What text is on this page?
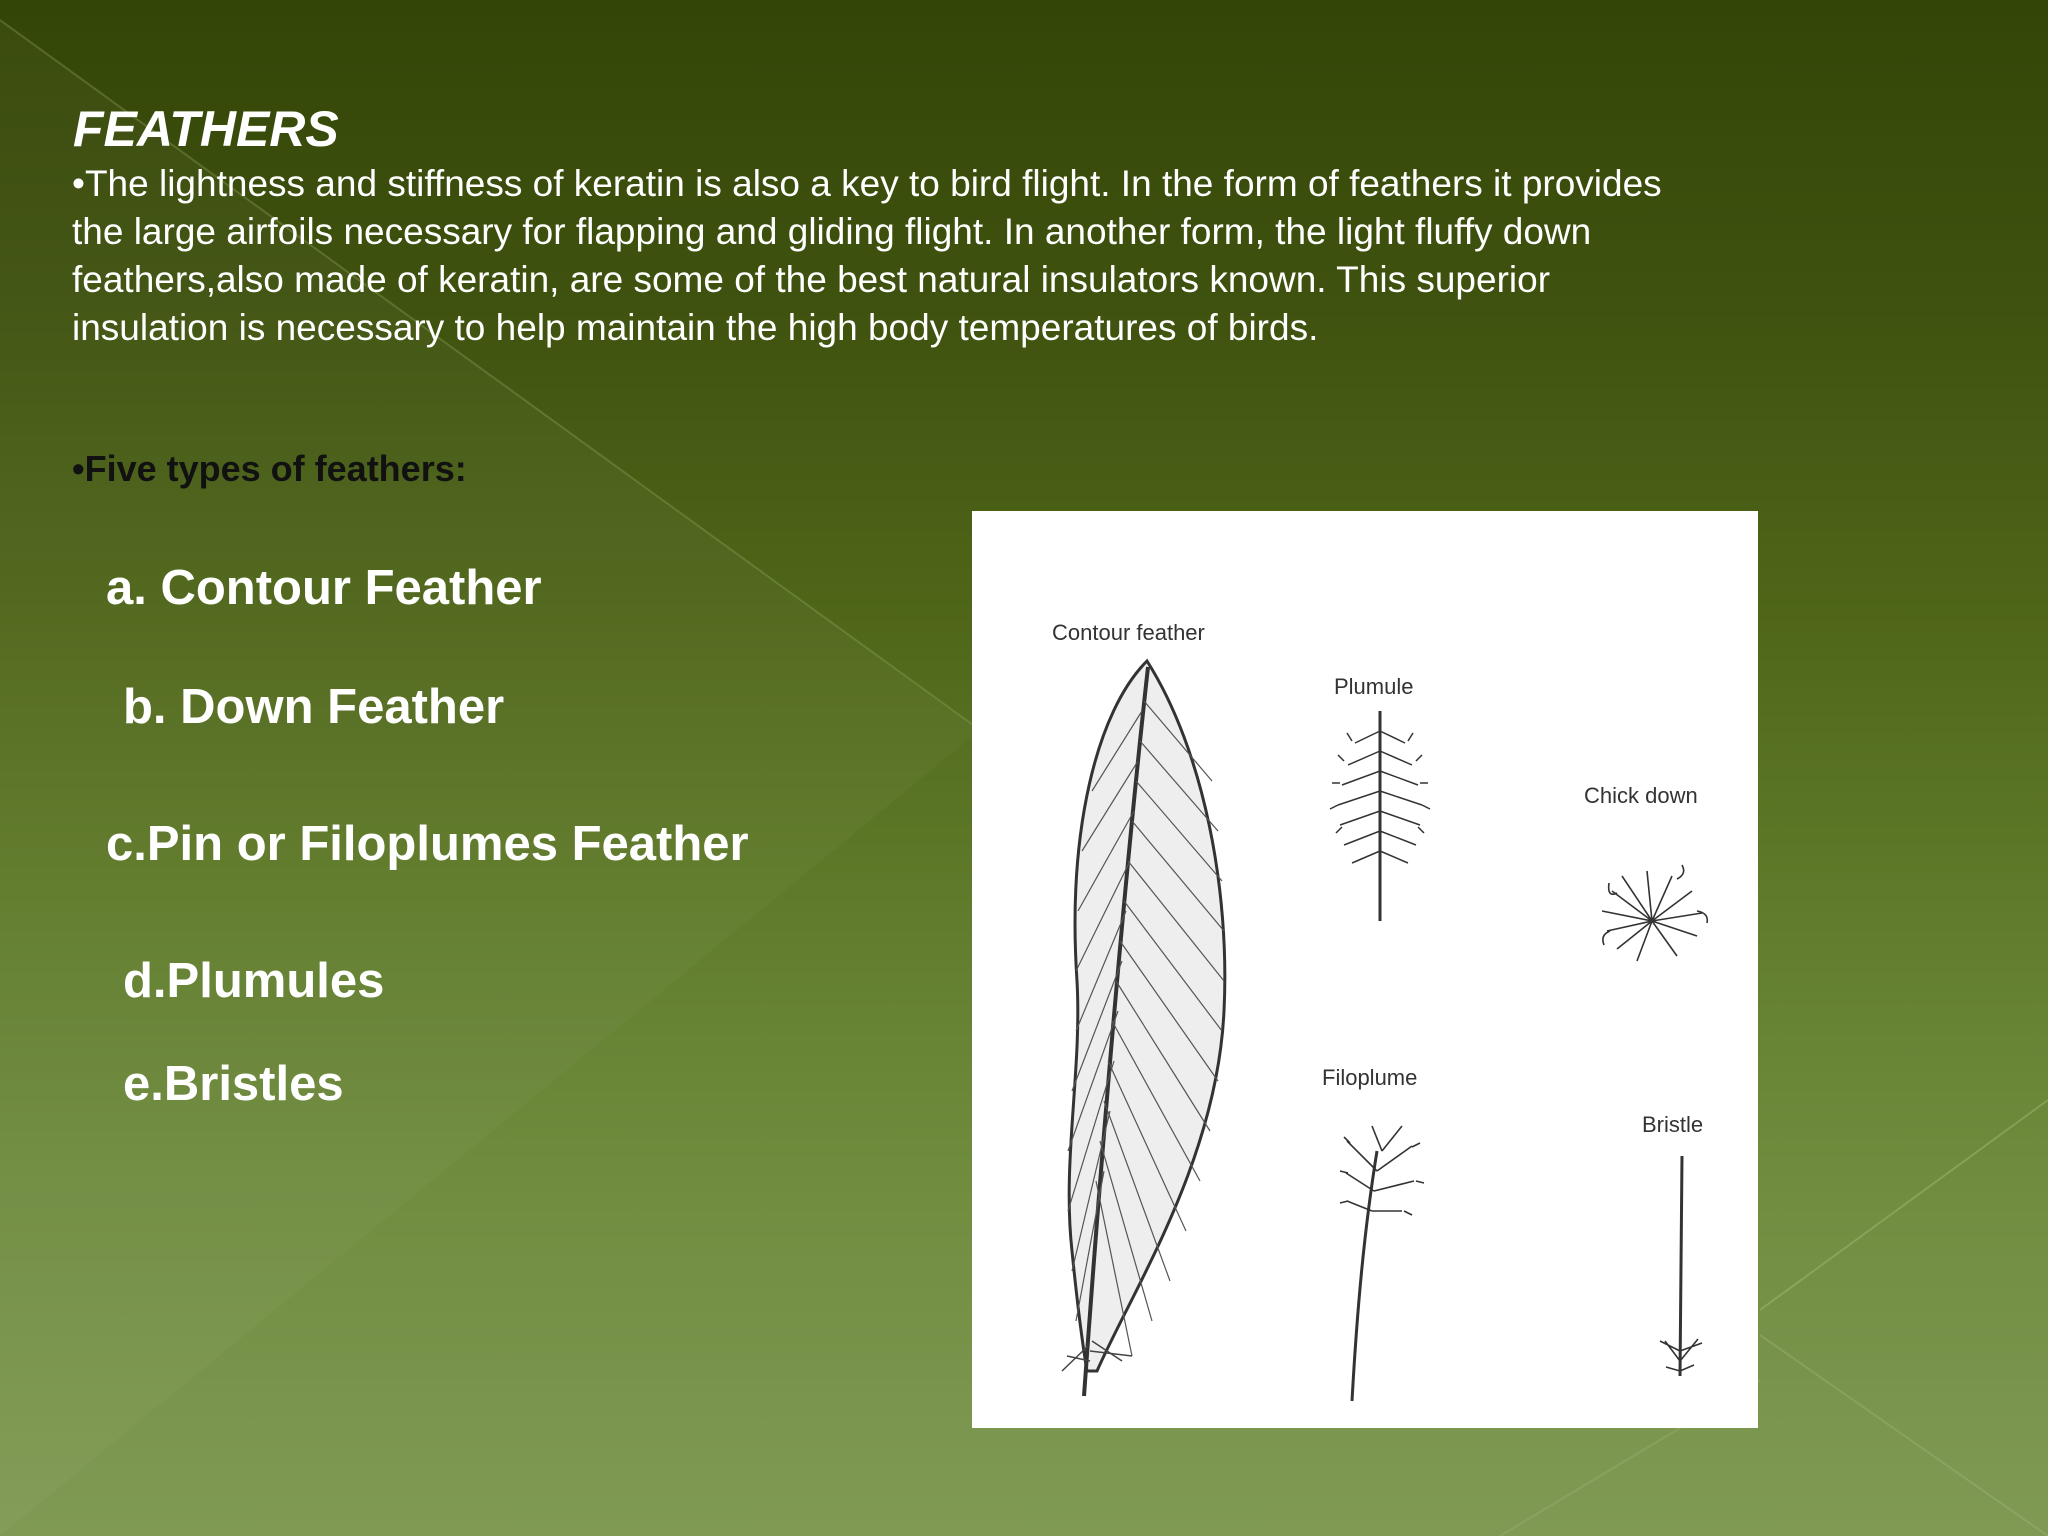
FEATHERS

•The lightness and stiffness of keratin is also a key to bird flight. In the form of feathers it provides the large airfoils necessary for flapping and gliding flight. In another form, the light fluffy down feathers,also made of keratin, are some of the best natural insulators known. This superior insulation is necessary to help maintain the high body temperatures of birds.

•Five types of feathers:

a. Contour Feather

b. Down Feather

c.Pin or Filoplumes Feather

d.Plumules

e.Bristles

Contour feather
Plumule
Chick down
Filoplume
Bristle
